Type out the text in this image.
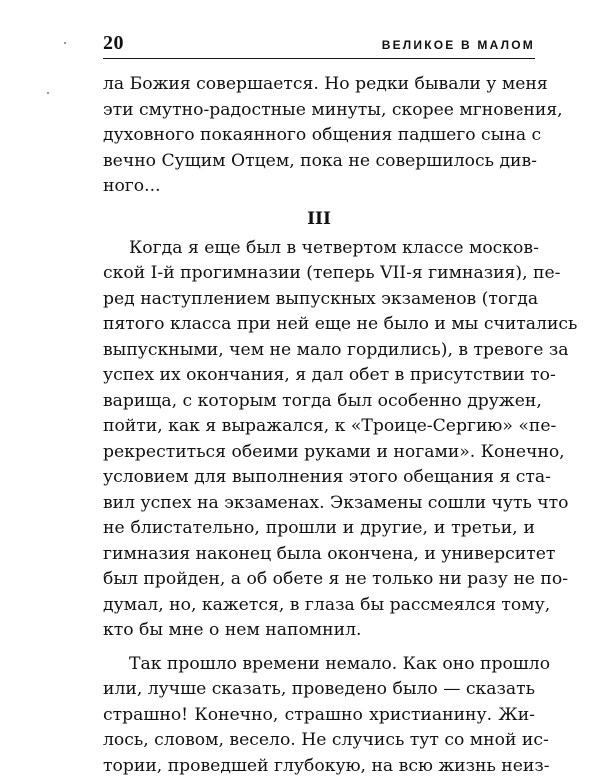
20	ВЕЛИКОЕ В МАЛОМ
ла Божия совершается. Но редки бывали у меня
эти смутно-радостные минуты, скорее мгновения,
духовного покаянного общения падшего сына с
вечно Сущим Отцем, пока не совершилось див-
ного...
III
Когда я еще был в четвертом классе москов-
ской I-й прогимназии (теперь VII-я гимназия), пе-
ред наступлением выпускных экзаменов (тогда
пятого класса при ней еще не было и мы считались
выпускными, чем не мало гордились), в тревоге за
успех их окончания, я дал обет в присутствии то-
варища, с которым тогда был особенно дружен,
пойти, как я выражался, к «Троице-Сергию» «пе-
рекреститься обеими руками и ногами». Конечно,
условием для выполнения этого обещания я ста-
вил успех на экзаменах. Экзамены сошли чуть что
не блистательно, прошли и другие, и третьи, и
гимназия наконец была окончена, и университет
был пройден, а об обете я не только ни разу не по-
думал, но, кажется, в глаза бы рассмеялся тому,
кто бы мне о нем напомнил.
Так прошло времени немало. Как оно прошло
или, лучше сказать, проведено было — сказать
страшно! Конечно, страшно христианину. Жи-
лось, словом, весело. Не случись тут со мной ис-
тории, проведшей глубокую, на всю жизнь неиз-
